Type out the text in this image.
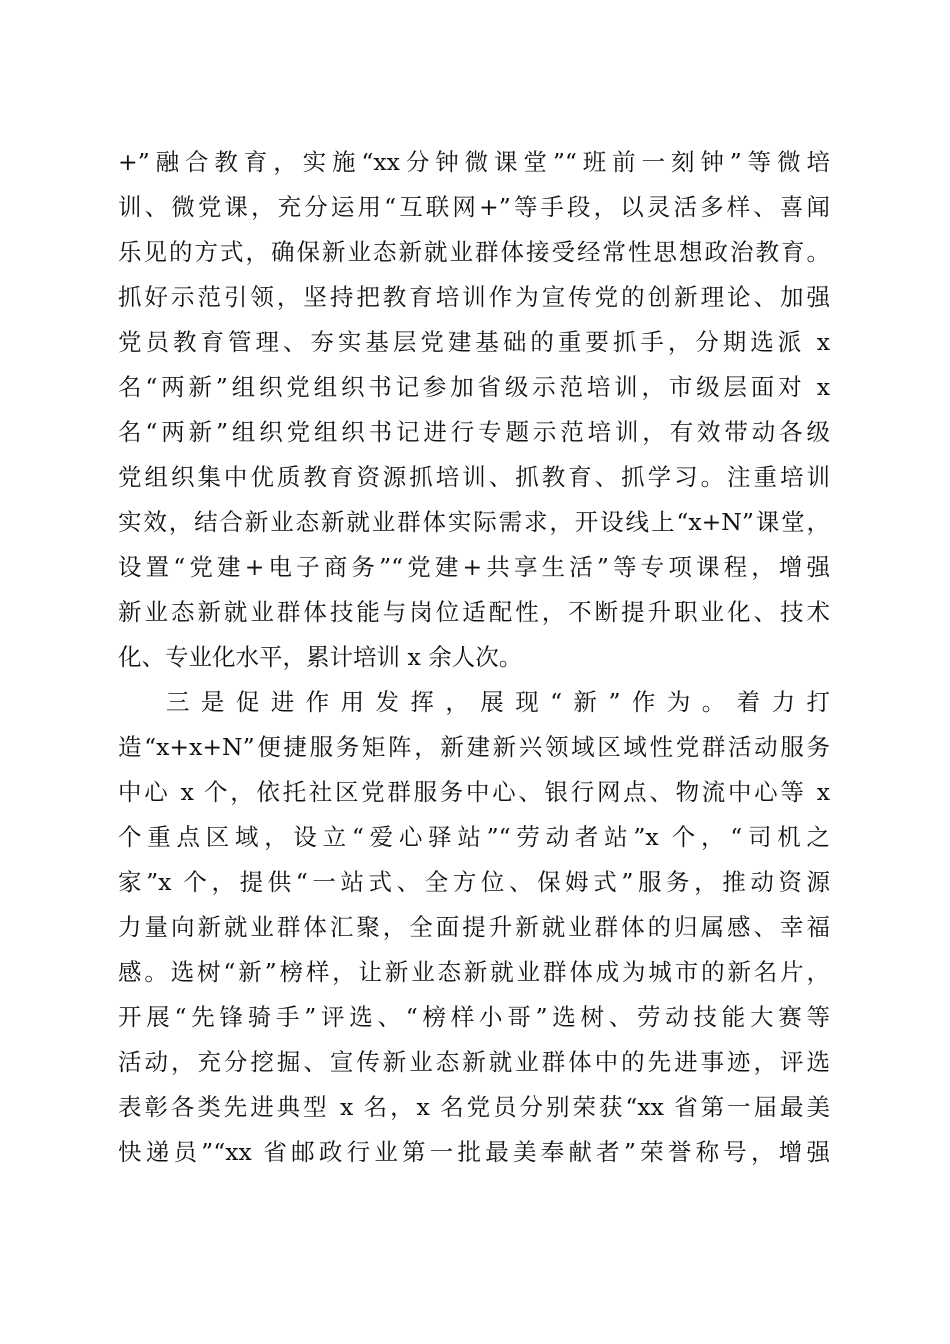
+”融合教育，实施“xx分钟微课堂”“班前一刻钟”等微培
训、微党课，充分运用“互联网+”等手段，以灵活多样、喜闻
乐见的方式，确保新业态新就业群体接受经常性思想政治教育。
抓好示范引领，坚持把教育培训作为宣传党的创新理论、加强
党员教育管理、夯实基层党建基础的重要抓手，分期选派 x
名“两新”组织党组织书记参加省级示范培训，市级层面对 x
名“两新”组织党组织书记进行专题示范培训，有效带动各级
党组织集中优质教育资源抓培训、抓教育、抓学习。注重培训
实效，结合新业态新就业群体实际需求，开设线上“x+N”课堂，
设置“党建+电子商务”“党建+共享生活”等专项课程，增强
新业态新就业群体技能与岗位适配性，不断提升职业化、技术
化、专业化水平，累计培训 x 余人次。
三是促进作用发挥，展现“新”作为。着力打
造“x+x+N”便捷服务矩阵，新建新兴领域区域性党群活动服务
中心 x 个，依托社区党群服务中心、银行网点、物流中心等 x
个重点区域，设立“爱心驿站”“劳动者站”x 个，“司机之
家”x 个，提供“一站式、全方位、保姆式”服务，推动资源
力量向新就业群体汇聚，全面提升新就业群体的归属感、幸福
感。选树“新”榜样，让新业态新就业群体成为城市的新名片，
开展“先锋骑手”评选、“榜样小哥”选树、劳动技能大赛等
活动，充分挖掘、宣传新业态新就业群体中的先进事迹，评选
表彰各类先进典型 x 名，x 名党员分别荣获“xx 省第一届最美
快递员”“xx 省邮政行业第一批最美奉献者”荣誉称号，增强
